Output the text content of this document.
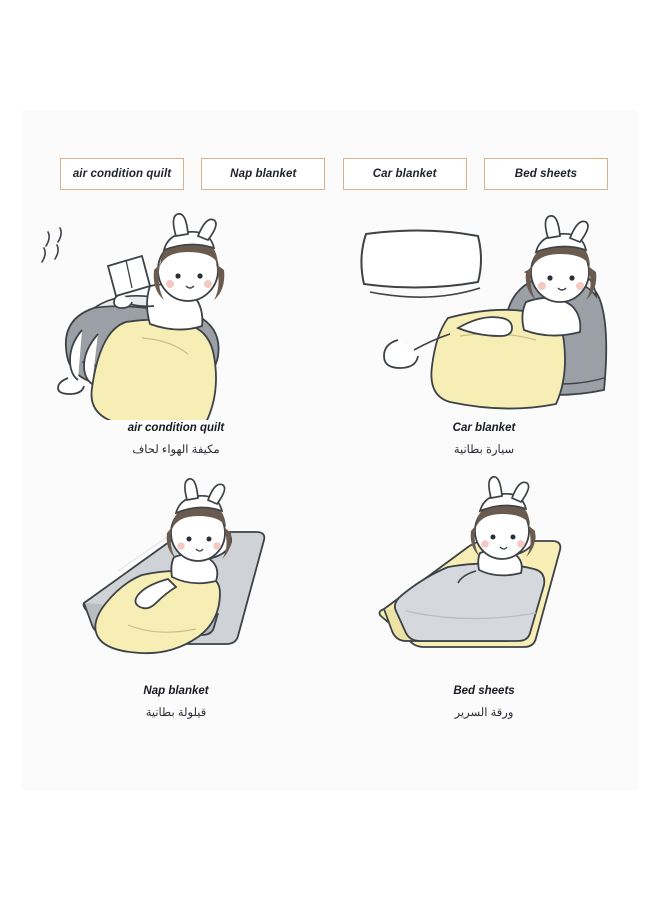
air condition quilt	Nap blanket	Car blanket	Bed sheets
air condition quilt
مكيفة الهواء لحاف
Car blanket
سيارة بطانية
Nap blanket
قيلولة بطانية
Bed sheets
ورقة السرير
